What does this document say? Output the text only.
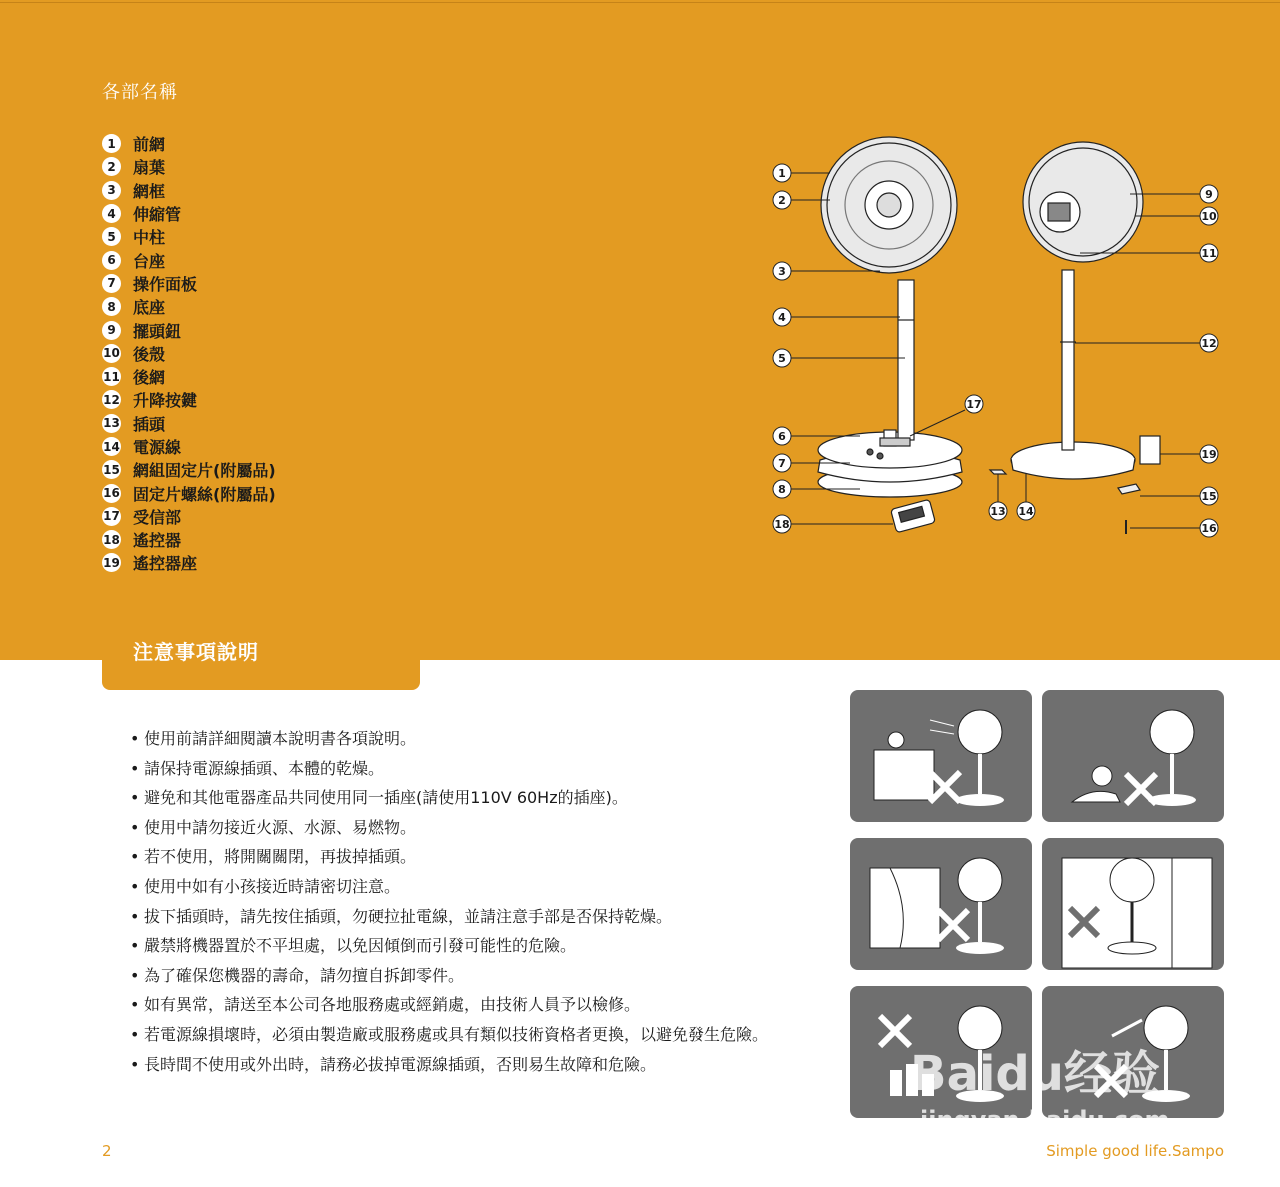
各部名稱
1	前網
2	扇葉
3	網框
4	伸縮管
5	中柱
6	台座
7	操作面板
8	底座
9	擺頭鈕
10 後殼
11 後網
12 升降按鍵
13 插頭
14 電源線
15 網組固定片(附屬品)
16 固定片螺絲(附屬品)
17 受信部
18 遙控器
19 遙控器座
1
2
3
4
5
6
7
8
9
10
11
12
13 14
15
16
17
18
19
注意事項說明
• 使用前請詳細閱讀本說明書各項說明。
• 請保持電源線插頭、本體的乾燥。
• 避免和其他電器產品共同使用同一插座(請使用110V 60Hz的插座)。
• 使用中請勿接近火源、水源、易燃物。
• 若不使用，將開關關閉，再拔掉插頭。
• 使用中如有小孩接近時請密切注意。
• 拔下插頭時，請先按住插頭，勿硬拉扯電線，並請注意手部是否保持乾燥。
• 嚴禁將機器置於不平坦處，以免因傾倒而引發可能性的危險。
• 為了確保您機器的壽命，請勿擅自拆卸零件。
• 如有異常，請送至本公司各地服務處或經銷處，由技術人員予以檢修。
• 若電源線損壞時，必須由製造廠或服務處或具有類似技術資格者更換，以避免發生危險。
• 長時間不使用或外出時，請務必拔掉電源線插頭，否則易生故障和危險。	Baidu经验
jingyan.baidu.com
2	Simple good life.Sampo
